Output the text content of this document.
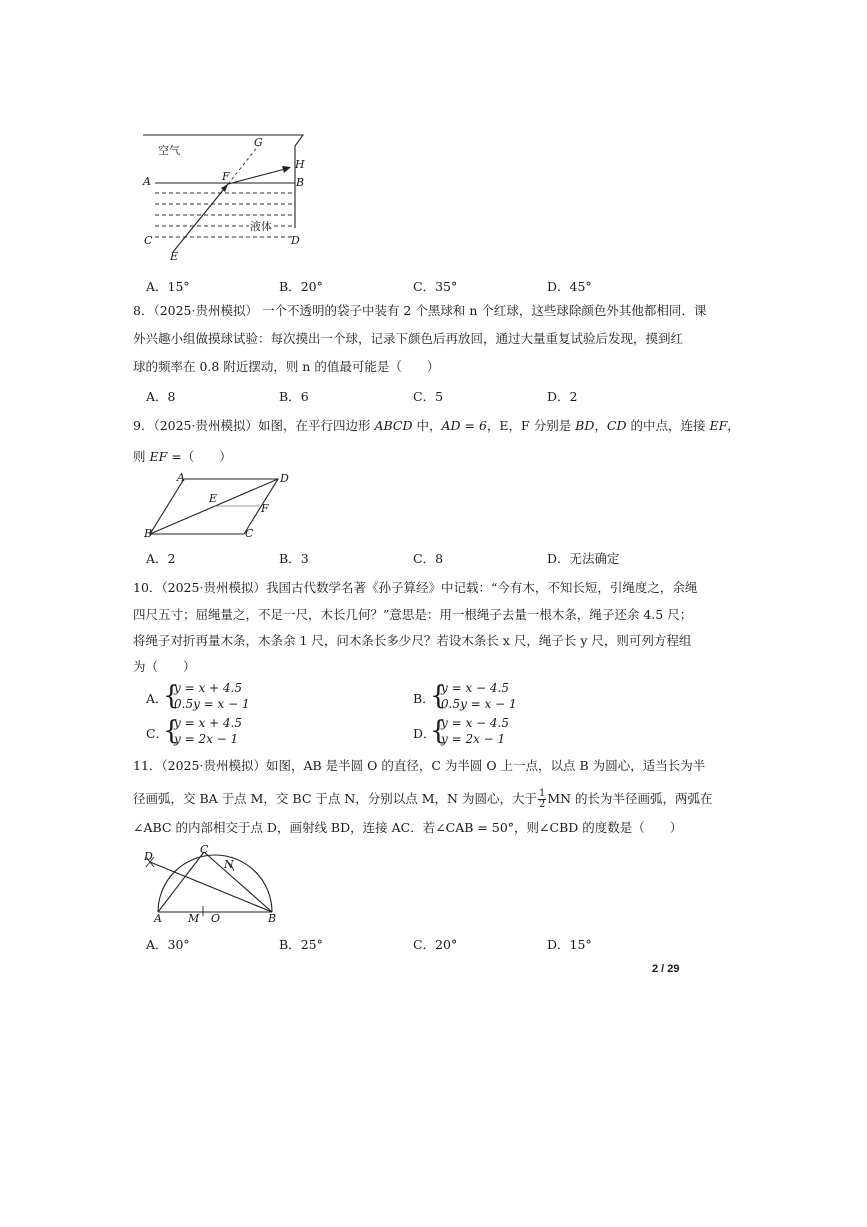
空气
G
H
A	B
F
液体
C	D
E
A．15°	B．20°	C．35°	D．45°
8．（2025·贵州模拟） 一个不透明的袋子中装有 2 个黑球和 n 个红球，这些球除颜色外其他都相同．课
外兴趣小组做摸球试验：每次摸出一个球，记录下颜色后再放回，通过大量重复试验后发现，摸到红
球的频率在 0.8 附近摆动，则 n 的值最可能是（　　）
A．8	B．6	C．5	D．2
9．（2025·贵州模拟）如图，在平行四边形 ABCD 中，AD = 6，E，F 分别是 BD，CD 的中点，连接 EF，
则 EF =（　　）
A	D
E
F
B	C
A．2	B．3	C．8	D．无法确定
10．（2025·贵州模拟）我国古代数学名著《孙子算经》中记载：“今有木，不知长短，引绳度之，余绳
四尺五寸；屈绳量之，不足一尺，木长几何？”意思是：用一根绳子去量一根木条，绳子还余 4.5 尺；
将绳子对折再量木条，木条余 1 尺，问木条长多少尺？若设木条长 x 尺，绳子长 y 尺，则可列方程组
为（　　）
A．
{
y = x + 4.5
0.5y = x − 1	B．
{
y = x − 4.5
0.5y = x − 1
C．
{
y = x + 4.5
y = 2x − 1	D．
{
y = x − 4.5
y = 2x − 1
11．（2025·贵州模拟）如图，AB 是半圆 O 的直径，C 为半圆 O 上一点，以点 B 为圆心，适当长为半
径画弧，交 BA 于点 M，交 BC 于点 N，分别以点 M，N 为圆心，大于 $\frac{1}{2}$ MN 的长为半径画弧，两弧在
∠ABC 的内部相交于点 D，画射线 BD，连接 AC．若∠CAB = 50°，则∠CBD 的度数是（　　）
D
C
N
A M O	B
A．30°	B．25°	C．20°	D．15°
2 / 29
